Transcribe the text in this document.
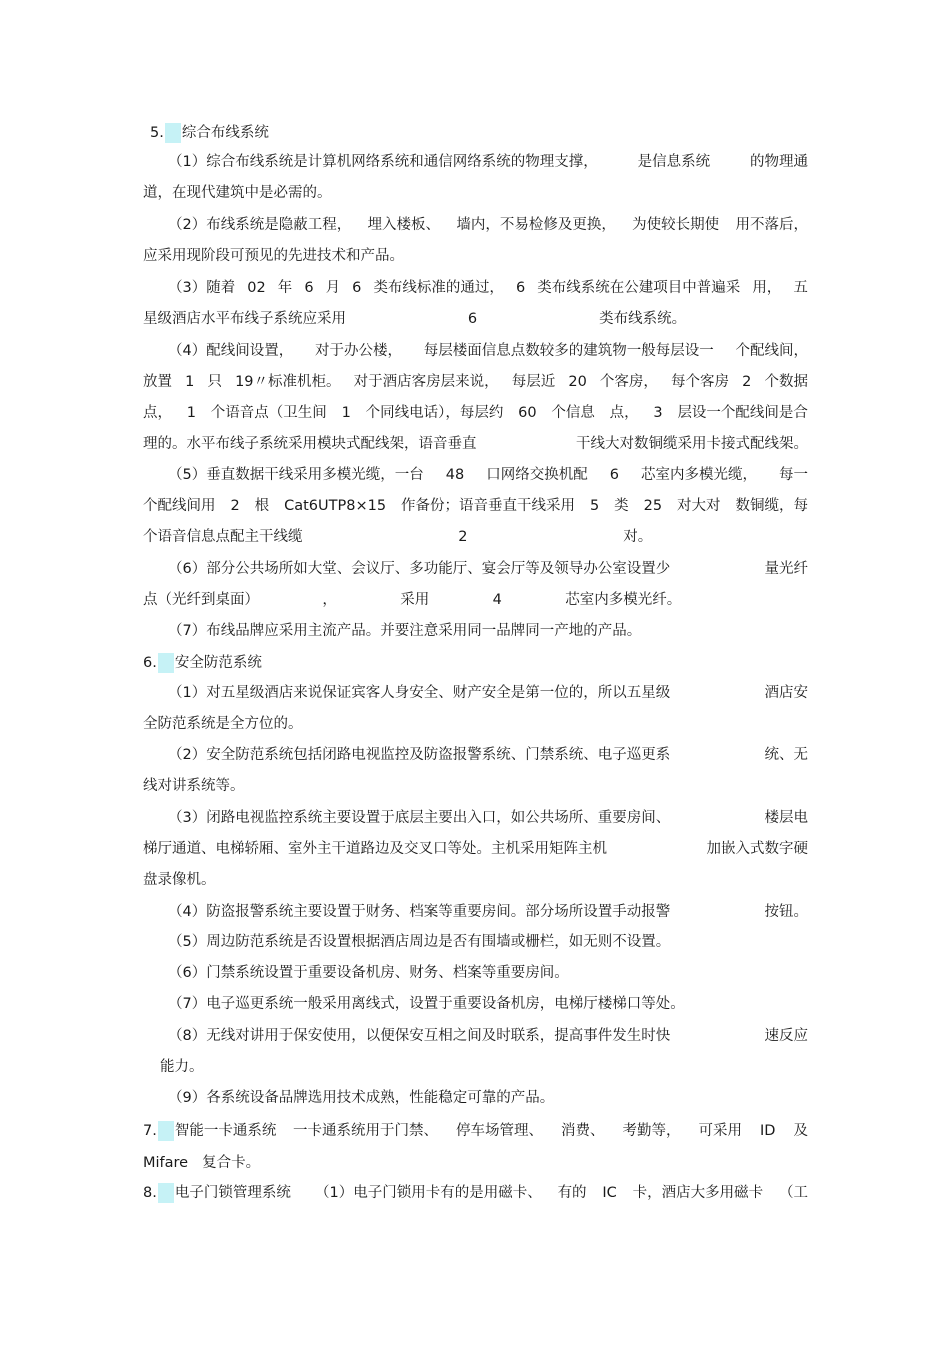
5. 综合布线系统
（1）综合布线系统是计算机网络系统和通信网络系统的物理支撑，	是信息系统	的物理通
道，在现代建筑中是必需的。
（2）布线系统是隐蔽工程， 埋入楼板、 墙内，不易检修及更换， 为使较长期使 用不落后，
应采用现阶段可预见的先进技术和产品。
（3）随着 02 年 6 月 6 类布线标准的通过， 6 类布线系统在公建项目中普遍采 用， 五
星级酒店水平布线子系统应采用	6	类布线系统。
（4）配线间设置， 对于办公楼， 每层楼面信息点数较多的建筑物一般每层设一 个配线间，
放置 1 只 19〃标准机柜。 对于酒店客房层来说， 每层近 20 个客房， 每个客房 2 个数据
点， 1 个语音点（卫生间 1 个同线电话），每层约 60 个信息 点， 3 层设一个配线间是合
理的。水平布线子系统采用模块式配线架，语音垂直	干线大对数铜缆采用卡接式配线架。
（5）垂直数据干线采用多模光缆，一台 48 口网络交换机配 6 芯室内多模光缆， 每一
个配线间用 2 根 Cat6UTP8×15 作备份；语音垂直干线采用 5 类 25 对大对 数铜缆，每
个语音信息点配主干线缆	2	对。
（6）部分公共场所如大堂、会议厅、多功能厅、宴会厅等及领导办公室设置少	量光纤
点（光纤到桌面）	，	采用	4	芯室内多模光纤。
（7）布线品牌应采用主流产品。并要注意采用同一品牌同一产地的产品。
6. 安全防范系统
（1）对五星级酒店来说保证宾客人身安全、财产安全是第一位的，所以五星级	酒店安
全防范系统是全方位的。
（2）安全防范系统包括闭路电视监控及防盗报警系统、门禁系统、电子巡更系	统、无
线对讲系统等。
（3）闭路电视监控系统主要设置于底层主要出入口，如公共场所、重要房间、	楼层电
梯厅通道、电梯轿厢、室外主干道路边及交叉口等处。主机采用矩阵主机	加嵌入式数字硬
盘录像机。
（4）防盗报警系统主要设置于财务、档案等重要房间。部分场所设置手动报警	按钮。
（5）周边防范系统是否设置根据酒店周边是否有围墙或栅栏，如无则不设置。
（6）门禁系统设置于重要设备机房、财务、档案等重要房间。
（7）电子巡更系统一般采用离线式，设置于重要设备机房，电梯厅楼梯口等处。
（8）无线对讲用于保安使用，以便保安互相之间及时联系，提高事件发生时快	速反应
能力。
（9）各系统设备品牌选用技术成熟，性能稳定可靠的产品。
7. 智能一卡通系统 一卡通系统用于门禁、 停车场管理、 消费、 考勤等， 可采用 ID 及
Mifare 复合卡。
8. 电子门锁管理系统 （1）电子门锁用卡有的是用磁卡、 有的 IC 卡，酒店大多用磁卡 （工
